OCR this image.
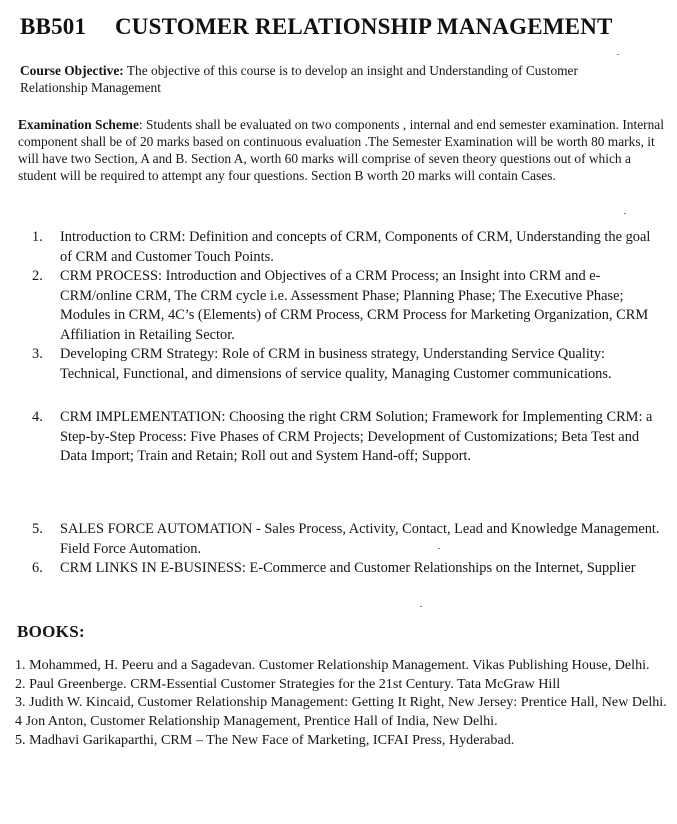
BB501 CUSTOMER RELATIONSHIP MANAGEMENT
Course Objective: The objective of this course is to develop an insight and Understanding of Customer Relationship Management
Examination Scheme: Students shall be evaluated on two components , internal and end semester examination. Internal component shall be of 20 marks based on continuous evaluation .The Semester Examination will be worth 80 marks, it will have two Section, A and B. Section A, worth 60 marks will comprise of seven theory questions out of which a student will be required to attempt any four questions. Section B worth 20 marks will contain Cases.
1.	Introduction to CRM: Definition and concepts of CRM, Components of CRM, Understanding the goal of CRM and Customer Touch Points.
2.	CRM PROCESS: Introduction and Objectives of a CRM Process; an Insight into CRM and e- CRM/online CRM, The CRM cycle i.e. Assessment Phase; Planning Phase; The Executive Phase; Modules in CRM, 4C’s (Elements) of CRM Process, CRM Process for Marketing Organization, CRM Affiliation in Retailing Sector.
3.	Developing CRM Strategy: Role of CRM in business strategy, Understanding Service Quality: Technical, Functional, and dimensions of service quality, Managing Customer communications.
4.	CRM IMPLEMENTATION: Choosing the right CRM Solution; Framework for Implementing CRM: a Step-by-Step Process: Five Phases of CRM Projects; Development of Customizations; Beta Test and Data Import; Train and Retain; Roll out and System Hand-off; Support.
5.	SALES FORCE AUTOMATION - Sales Process, Activity, Contact, Lead and Knowledge Management. Field Force Automation.
6.	CRM LINKS IN E-BUSINESS: E-Commerce and Customer Relationships on the Internet, Supplier
BOOKS:
1. Mohammed, H. Peeru and a Sagadevan. Customer Relationship Management. Vikas Publishing House, Delhi.
2. Paul Greenberge. CRM-Essential Customer Strategies for the 21st Century. Tata McGraw Hill
3. Judith W. Kincaid, Customer Relationship Management: Getting It Right, New Jersey: Prentice Hall, New Delhi.
4 Jon Anton, Customer Relationship Management, Prentice Hall of India, New Delhi.
5. Madhavi Garikaparthi, CRM – The New Face of Marketing, ICFAI Press, Hyderabad.
